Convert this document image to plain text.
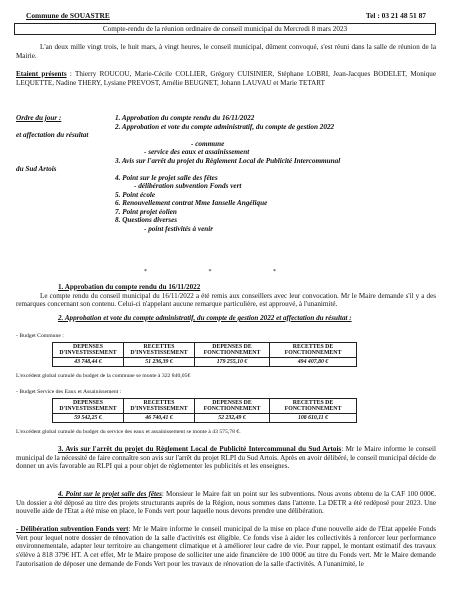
Commune de SOUASTRE	Tel : 03 21 48 51 87
Compte-rendu de la réunion ordinaire de conseil municipal du Mercredi 8 mars 2023
L'an deux mille vingt trois, le huit mars, à vingt heures, le conseil municipal, dûment convoqué, s'est réuni dans la salle de réunion de la Mairie.
Etaient présents : Thierry ROUCOU, Marie-Cécile COLLIER, Grégory CUISINIER, Stéphane LOBRI, Jean-Jacques BODELET, Monique LEQUETTE, Nadine THERY, Lysiane PREVOST, Amélie BEUGNET, Johann LAUVAU et Marie TETART
Ordre du jour :	1. Approbation du compte rendu du 16/11/2022
2. Approbation et vote du compte administratif, du compte de gestion 2022
et affectation du résultat
- commune
- service des eaux et assainissement
3. Avis sur l'arrêt du projet du Règlement Local de Publicité Intercommunal
du Sud Artois
4. Point sur le projet salle des fêtes
- délibération subvention Fonds vert
5. Point école
6. Renouvellement contrat Mme Ianselle Angélique
7. Point projet éolien
8. Questions diverses
- point festivités à venir
* * *
1. Approbation du compte rendu du 16/11/2022
Le compte rendu du conseil municipal du 16/11/2022 a été remis aux conseillers avec leur convocation. Mr le Maire demande s'il y a des remarques concernant son contenu. Celui-ci n'appelant aucune remarque particulière, est approuvé, à l'unanimité.
2. Approbation et vote du compte administratif, du compte de gestion 2022 et affectation du résultat :
- Budget Commune :
DEPENSES D'INVESTISSEMENT	RECETTES D'INVESTISSEMENT	DEPENSES DE FONCTIONNEMENT	RECETTES DE FONCTIONNEMENT
43 748,44 €	51 236,39 €	179 255,10 €	494 407,80 €
L'excédent global cumulé du budget de la commune se monte à 322 840,05€
- Budget Service des Eaux et Assainissement :
DEPENSES D'INVESTISSEMENT	RECETTES D'INVESTISSEMENT	DEPENSES DE FONCTIONNEMENT	RECETTES DE FONCTIONNEMENT
59 542,25 €	46 740,41 €	52 232,49 €	108 610,11 €
L'excédent global cumulé du budget du service des eaux et assainissement se monte à 43 575,78 €.
3. Avis sur l'arrêt du projet du Règlement Local de Publicité Intercommunal du Sud Artois: Mr le Maire informe le conseil municipal de la nécessité de faire connaître son avis sur l'arrêt du projet RLPI du Sud Artois. Après en avoir délibéré, le conseil municipal décide de donner un avis favorable au RLPI qui a pour objet de réglementer les publicités et les enseignes.
4. Point sur le projet salle des fêtes: Monsieur le Maire fait un point sur les subventions. Nous avons obtenu de la CAF 100 000€. Un dossier a été déposé au titre des projets structurants auprès de la Région, nous sommes dans l'attente. La DETR a été redéposé pour 2023. Une nouvelle aide de l'Etat a été mise en place, le Fonds vert pour laquelle nous devons prendre une délibération.
- Délibération subvention Fonds vert: Mr le Maire informe le conseil municipal de la mise en place d'une nouvelle aide de l'Etat appelée Fonds Vert pour lequel notre dossier de rénovation de la salle d'activités est éligible. Ce fonds vise à aider les collectivités à renforcer leur performance environnementale, adapter leur territoire au changement climatique et à améliorer leur cadre de vie. Pour rappel, le montant estimatif des travaux s'élève à 818 379€ HT. A cet effet, Mr le Maire propose de solliciter une aide financière de 100 000€ au titre du Fonds vert. Mr le Maire demande l'autorisation de déposer une demande de Fonds Vert pour les travaux de rénovation de la salle d'activités. A l'unanimité, le
